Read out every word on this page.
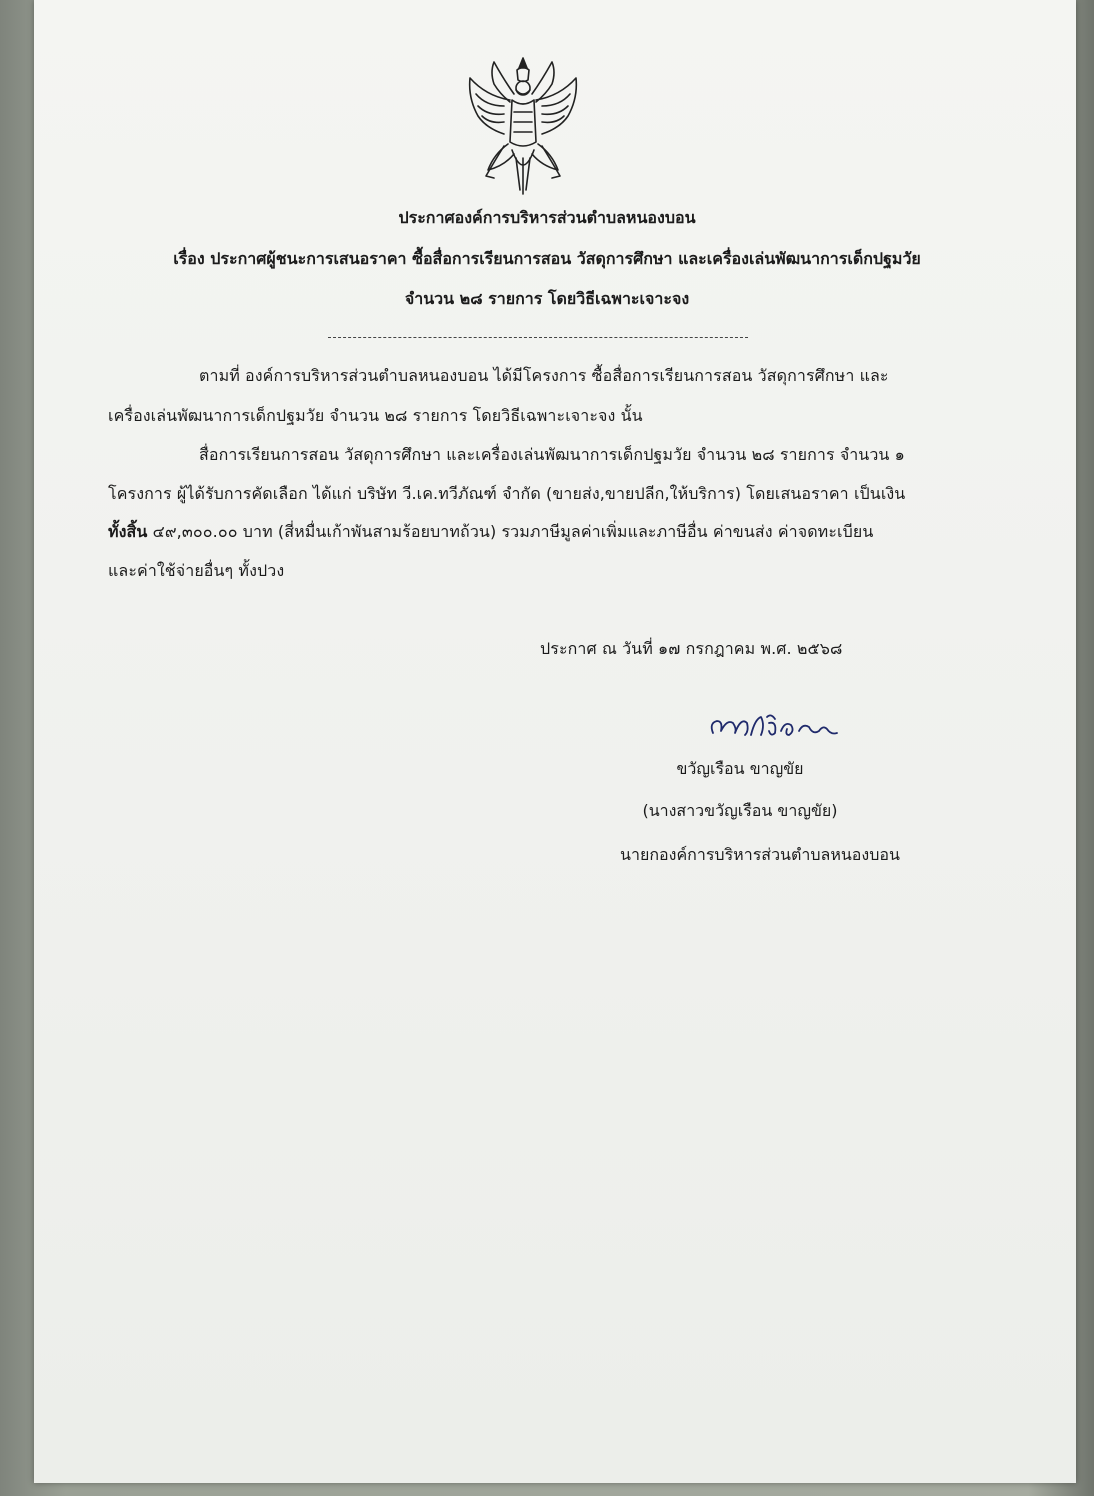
ประกาศองค์การบริหารส่วนตำบลหนองบอน
เรื่อง ประกาศผู้ชนะการเสนอราคา ซื้อสื่อการเรียนการสอน วัสดุการศึกษา และเครื่องเล่นพัฒนาการเด็กปฐมวัย
จำนวน ๒๘ รายการ โดยวิธีเฉพาะเจาะจง
ตามที่ องค์การบริหารส่วนตำบลหนองบอน ได้มีโครงการ ซื้อสื่อการเรียนการสอน วัสดุการศึกษา และ
เครื่องเล่นพัฒนาการเด็กปฐมวัย จำนวน ๒๘ รายการ โดยวิธีเฉพาะเจาะจง นั้น
สื่อการเรียนการสอน วัสดุการศึกษา และเครื่องเล่นพัฒนาการเด็กปฐมวัย จำนวน ๒๘ รายการ จำนวน ๑
โครงการ ผู้ได้รับการคัดเลือก ได้แก่ บริษัท วี.เค.ทวีภัณฑ์ จำกัด (ขายส่ง,ขายปลีก,ให้บริการ) โดยเสนอราคา เป็นเงิน
ทั้งสิ้น ๔๙,๓๐๐.๐๐ บาท (สี่หมื่นเก้าพันสามร้อยบาทถ้วน) รวมภาษีมูลค่าเพิ่มและภาษีอื่น ค่าขนส่ง ค่าจดทะเบียน
และค่าใช้จ่ายอื่นๆ ทั้งปวง
ประกาศ ณ วันที่ ๑๗ กรกฎาคม พ.ศ. ๒๕๖๘
ขวัญเรือน ขาญขัย
(นางสาวขวัญเรือน ขาญขัย)
นายกองค์การบริหารส่วนตำบลหนองบอน
